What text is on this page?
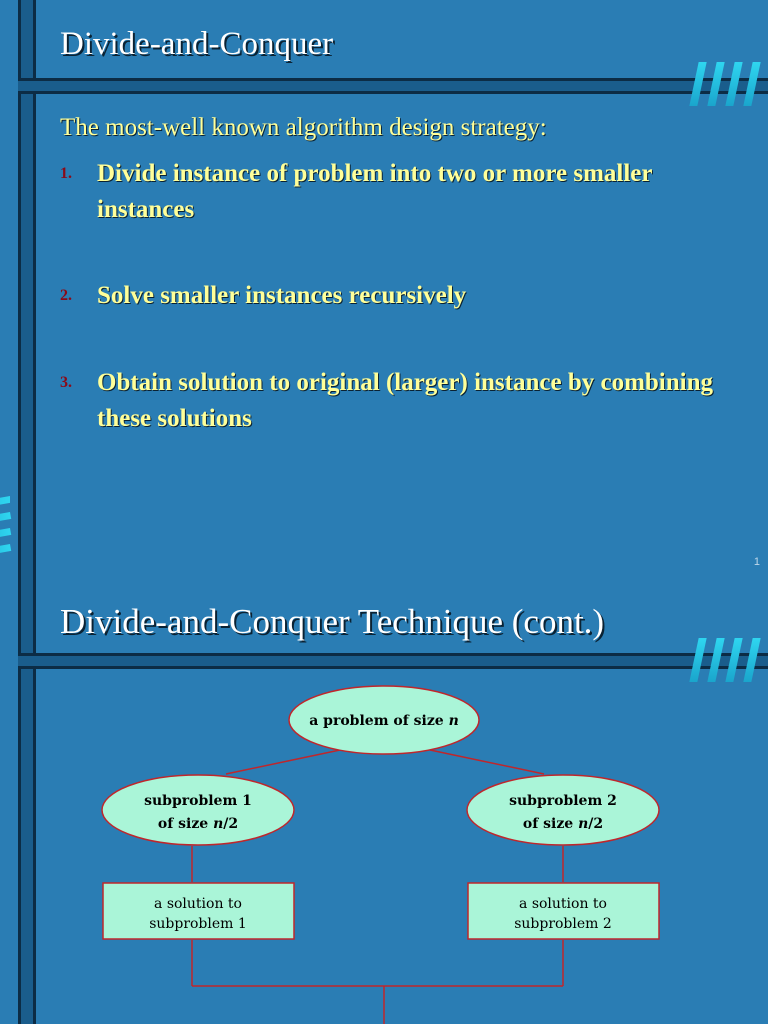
Divide-and-Conquer

The most-well known algorithm design strategy:

1. Divide instance of problem into two or more smaller instances
2. Solve smaller instances recursively
3. Obtain solution to original (larger) instance by combining these solutions
1
Divide-and-Conquer Technique (cont.)
a problem of size n
subproblem 1
of size n/2
subproblem 2
of size n/2
a solution to
subproblem 1
a solution to
subproblem 2
